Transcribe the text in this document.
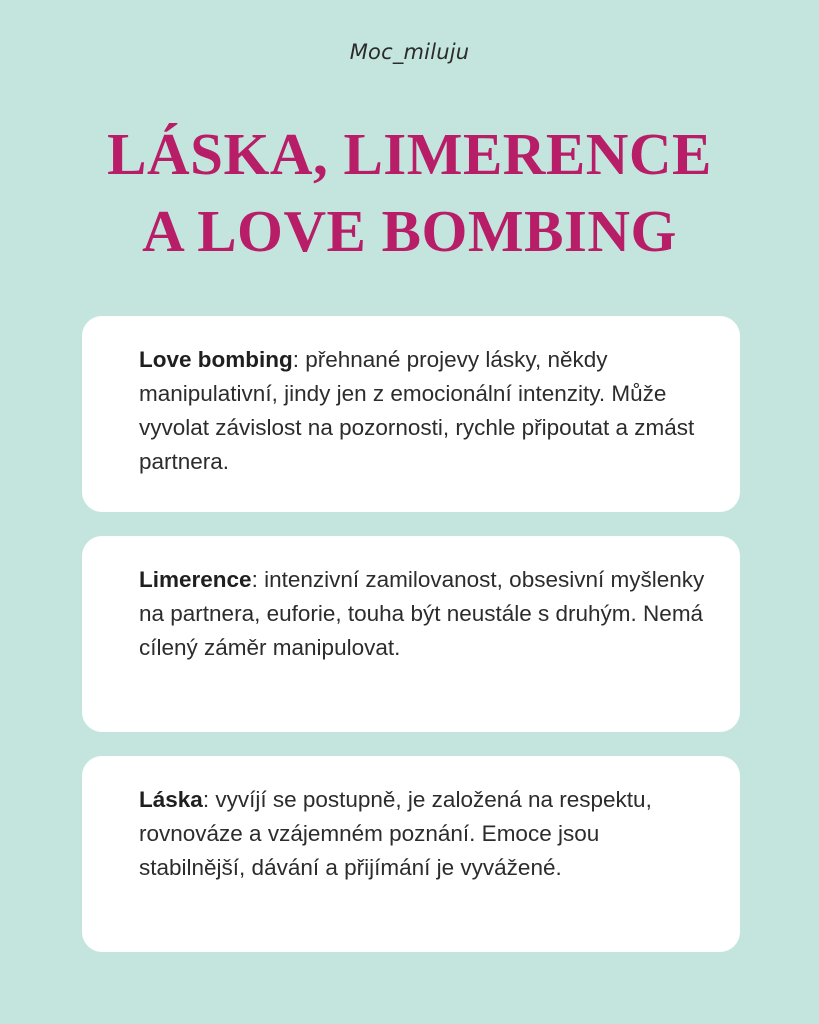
Moc_miluju
LÁSKA, LIMERENCE
A LOVE BOMBING
Love bombing: přehnané projevy lásky, někdy manipulativní, jindy jen z emocionální intenzity. Může vyvolat závislost na pozornosti, rychle připoutat a zmást partnera.
Limerence: intenzivní zamilovanost, obsesivní myšlenky na partnera, euforie, touha být neustále s druhým. Nemá cílený záměr manipulovat.
Láska: vyvíjí se postupně, je založená na respektu, rovnováze a vzájemném poznání. Emoce jsou stabilnější, dávání a přijímání je vyvážené.
